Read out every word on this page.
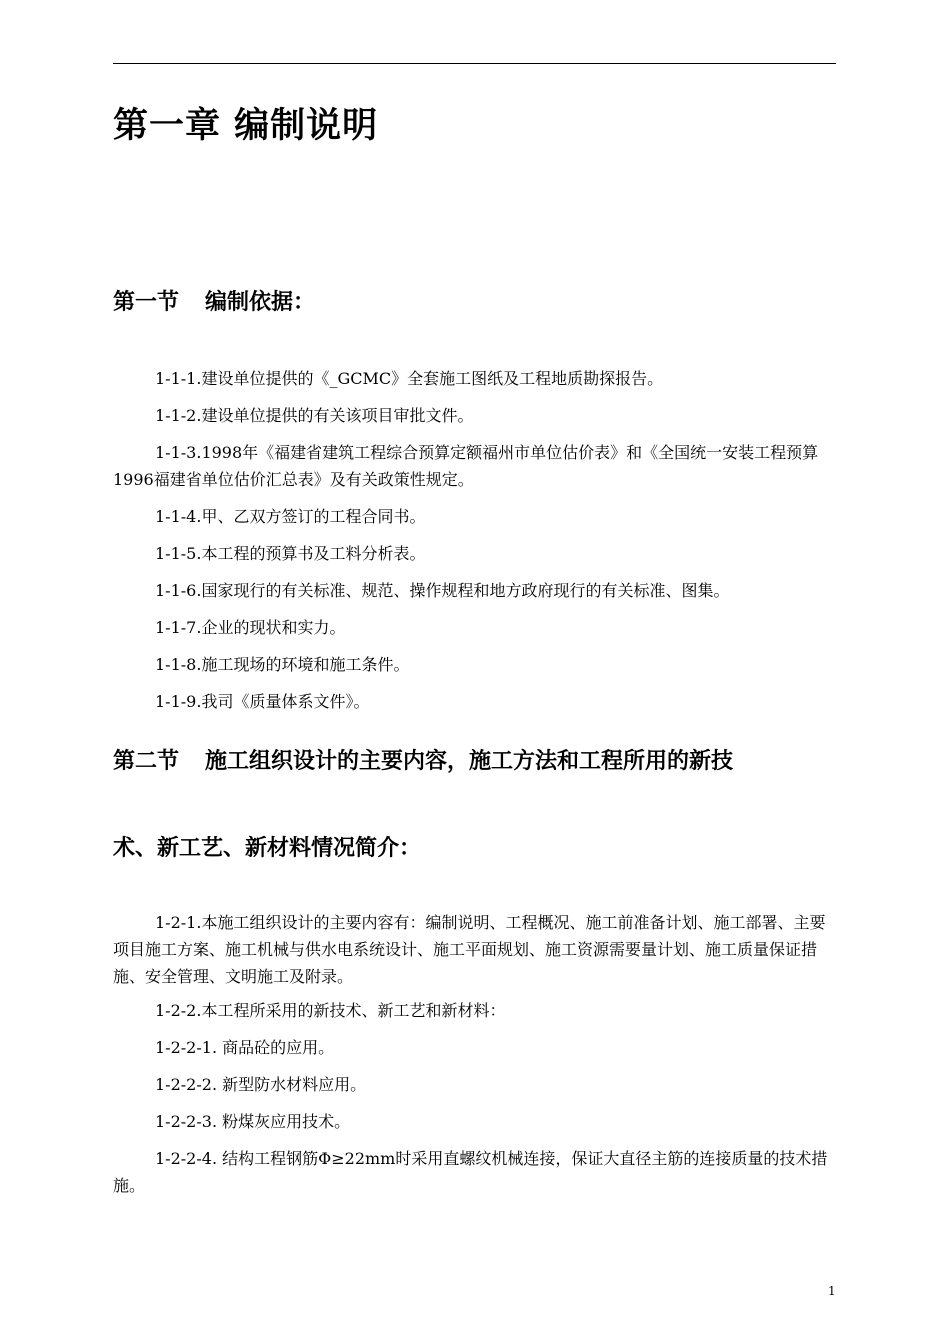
第一章 编制说明
第一节 编制依据：

1-1-1.建设单位提供的《_GCMC》全套施工图纸及工程地质勘探报告。

1-1-2.建设单位提供的有关该项目审批文件。

1-1-3.1998年《福建省建筑工程综合预算定额福州市单位估价表》和《全国统一安装工程预算1996福建省单位估价汇总表》及有关政策性规定。

1-1-4.甲、乙双方签订的工程合同书。

1-1-5.本工程的预算书及工料分析表。

1-1-6.国家现行的有关标准、规范、操作规程和地方政府现行的有关标准、图集。

1-1-7.企业的现状和实力。

1-1-8.施工现场的环境和施工条件。

1-1-9.我司《质量体系文件》。

第二节 施工组织设计的主要内容，施工方法和工程所用的新技
术、新工艺、新材料情况简介：

1-2-1.本施工组织设计的主要内容有：编制说明、工程概况、施工前准备计划、施工部署、主要项目施工方案、施工机械与供水电系统设计、施工平面规划、施工资源需要量计划、施工质量保证措施、安全管理、文明施工及附录。

1-2-2.本工程所采用的新技术、新工艺和新材料：

1-2-2-1. 商品砼的应用。

1-2-2-2. 新型防水材料应用。

1-2-2-3. 粉煤灰应用技术。

1-2-2-4. 结构工程钢筋Φ≥22mm时采用直螺纹机械连接，保证大直径主筋的连接质量的技术措施。

1
